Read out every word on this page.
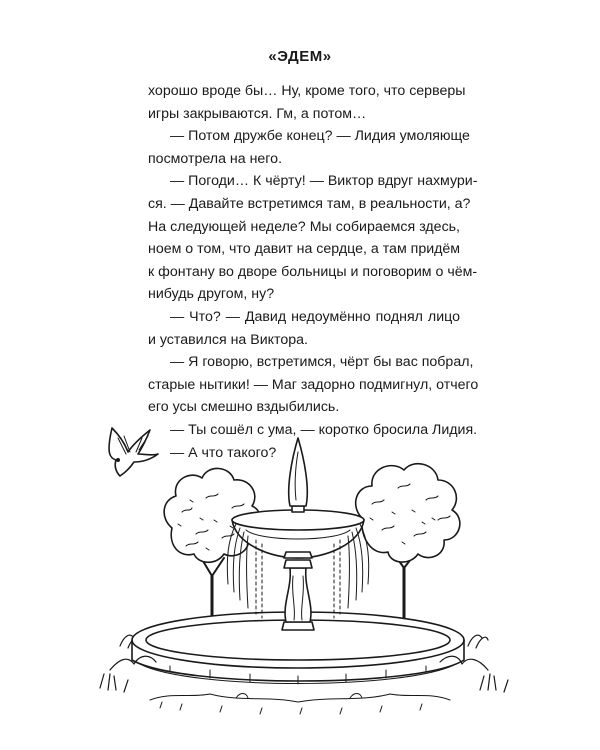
«ЭДЕМ»
хорошо вроде бы… Ну, кроме того, что серверы
игры закрываются. Гм, а потом…
— Потом дружбе конец? — Лидия умоляюще
посмотрела на него.
— Погоди… К чёрту! — Виктор вдруг нахмури-
ся. — Давайте встретимся там, в реальности, а?
На следующей неделе? Мы собираемся здесь,
ноем о том, что давит на сердце, а там придём
к фонтану во дворе больницы и поговорим о чём-
нибудь другом, ну?
— Что? — Давид недоумённо поднял лицо
и уставился на Виктора.
— Я говорю, встретимся, чёрт бы вас побрал,
старые нытики! — Маг задорно подмигнул, отчего
его усы смешно вздыбились.
— Ты сошёл с ума, — коротко бросила Лидия.
— А что такого?
